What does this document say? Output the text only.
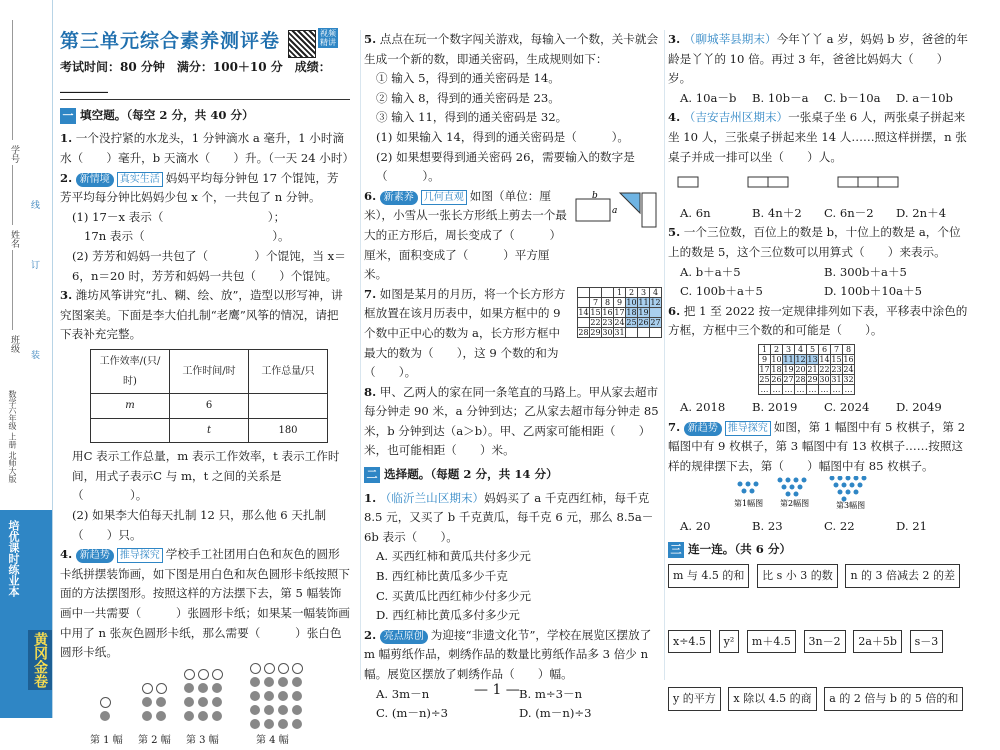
学号
姓名
班级
线
订
装
数学六年级 上册 北师大版
培优课时练业本
黄冈金卷
第三单元综合素养测评卷	视频精讲
考试时间：80 分钟　满分：100＋10 分　成绩：________
一 填空题。（每空 2 分，共 40 分）
1. 一个没拧紧的水龙头，1 分钟滴水 a 毫升，1 小时滴水（　　）毫升，b 天滴水（　　）升。（一天 24 小时）
2. 新情境 真实生活 妈妈平均每分钟包 17 个馄饨，芳芳平均每分钟比妈妈少包 x 个，一共包了 n 分钟。
(1) 17－x 表示（　　　　　　　　　）；
17n 表示（　　　　　　　　　　　）。
(2) 芳芳和妈妈一共包了（　　　　）个馄饨，当 x＝6，n＝20 时，芳芳和妈妈一共包（　　）个馄饨。
3. 潍坊风筝讲究“扎、糊、绘、放”，造型以形写神，讲究图案美。下面是李大伯扎制“老鹰”风筝的情况，请把下表补充完整。
工作效率/(只/时)	工作时间/时	工作总量/只
m	6	
	t	180
用C 表示工作总量，m 表示工作效率，t 表示工作时间，用式子表示C 与 m，t 之间的关系是（　　　　）。
(2) 如果李大伯每天扎制 12 只，那么他 6 天扎制（　　）只。
4. 新趋势 推导探究 学校手工社团用白色和灰色的圆形卡纸拼摆装饰画，如下图是用白色和灰色圆形卡纸按照下面的方法摆图形。按照这样的方法摆下去，第 5 幅装饰画中一共需要（　　　）张圆形卡纸；如果某一幅装饰画中用了 n 张灰色圆形卡纸，那么需要（　　　）张白色圆形卡纸。
第 1 幅 第 2 幅 第 3 幅	第 4 幅
5. 点点在玩一个数字闯关游戏，每输入一个数，关卡就会生成一个新的数，即通关密码，生成规则如下：
① 输入 5，得到的通关密码是 14。
② 输入 8，得到的通关密码是 23。
③ 输入 11，得到的通关密码是 32。
(1) 如果输入 14，得到的通关密码是（　　　）。
(2) 如果想要得到通关密码 26，需要输入的数字是（　　　）。
6. 新素养 几何直观 如图（单位：厘米），小雪从一张长方形纸上剪去一个最大的正方形后，周长变成了（　　　）厘米，面积变成了（　　　）平方厘米。
b
a
7. 如图是某月的月历，将一个长方形方框放置在该月历表中，如果方框中的 9 个数中正中心的数为 a，长方形方框中最大的数为（　　），这 9 个数的和为（　　）。
			1	2	3	4
	7	8	9	10	11	12
14	15	16	17	18	19	
	22	23	24	25	26	27
28	29	30	31			
8. 甲、乙两人的家在同一条笔直的马路上。甲从家去超市每分钟走 90 米，a 分钟到达；乙从家去超市每分钟走 85 米，b 分钟到达（a＞b）。甲、乙两家可能相距（　　）米，也可能相距（　　）米。
二 选择题。（每题 2 分，共 14 分）
1. （临沂兰山区期末）妈妈买了 a 千克西红柿，每千克 8.5 元，又买了 b 千克黄瓜，每千克 6 元，那么 8.5a－6b 表示（　　）。
A. 买西红柿和黄瓜共付多少元
B. 西红柿比黄瓜多少千克
C. 买黄瓜比西红柿少付多少元
D. 西红柿比黄瓜多付多少元
2. 亮点原创 为迎接“非遗文化节”，学校在展览区摆放了 m 幅剪纸作品，刺绣作品的数量比剪纸作品多 3 倍少 n 幅。展览区摆放了刺绣作品（　　）幅。
A. 3m－n	B. m÷3－n
C. (m－n)÷3	D. (m－n)÷3
3. （聊城莘县期末）今年丫丫 a 岁，妈妈 b 岁，爸爸的年龄是丫丫的 10 倍。再过 3 年，爸爸比妈妈大（　　）岁。
A. 10a－b	B. 10b－a	C. b－10a	D. a－10b
4. （吉安吉州区期末）一张桌子坐 6 人，两张桌子拼起来坐 10 人，三张桌子拼起来坐 14 人……照这样拼摆，n 张桌子并成一排可以坐（　　）人。
A. 6n	B. 4n＋2	C. 6n－2	D. 2n＋4
5. 一个三位数，百位上的数是 b，十位上的数是 a，个位上的数是 5，这个三位数可以用算式（　　）来表示。
A. b＋a＋5	B. 300b＋a＋5
C. 100b＋a＋5	D. 100b＋10a＋5
6. 把 1 至 2022 按一定规律排列如下表，平移表中涂色的方框，方框中三个数的和可能是（　　）。
1	2	3	4	5	6	7	8
9	10	11	12	13	14	15	16
17	18	19	20	21	22	23	24
25	26	27	28	29	30	31	32
…	…	…	…	…	…	…	…
A. 2018	B. 2019	C. 2024	D. 2049
7. 新趋势 推导探究 如图，第 1 幅图中有 5 枚棋子，第 2 幅图中有 9 枚棋子，第 3 幅图中有 13 枚棋子……按照这样的规律摆下去，第（　　）幅图中有 85 枚棋子。
第1幅图 第2幅图	第3幅图
A. 20	B. 23	C. 22	D. 21
三 连一连。（共 6 分）
m 与 4.5 的和 比 s 小 3 的数 n 的 3 倍减去 2 的差
x÷4.5 y² m＋4.5 3n－2 2a＋5b s－3
y 的平方 x 除以 4.5 的商 a 的 2 倍与 b 的 5 倍的和
— 1 —
